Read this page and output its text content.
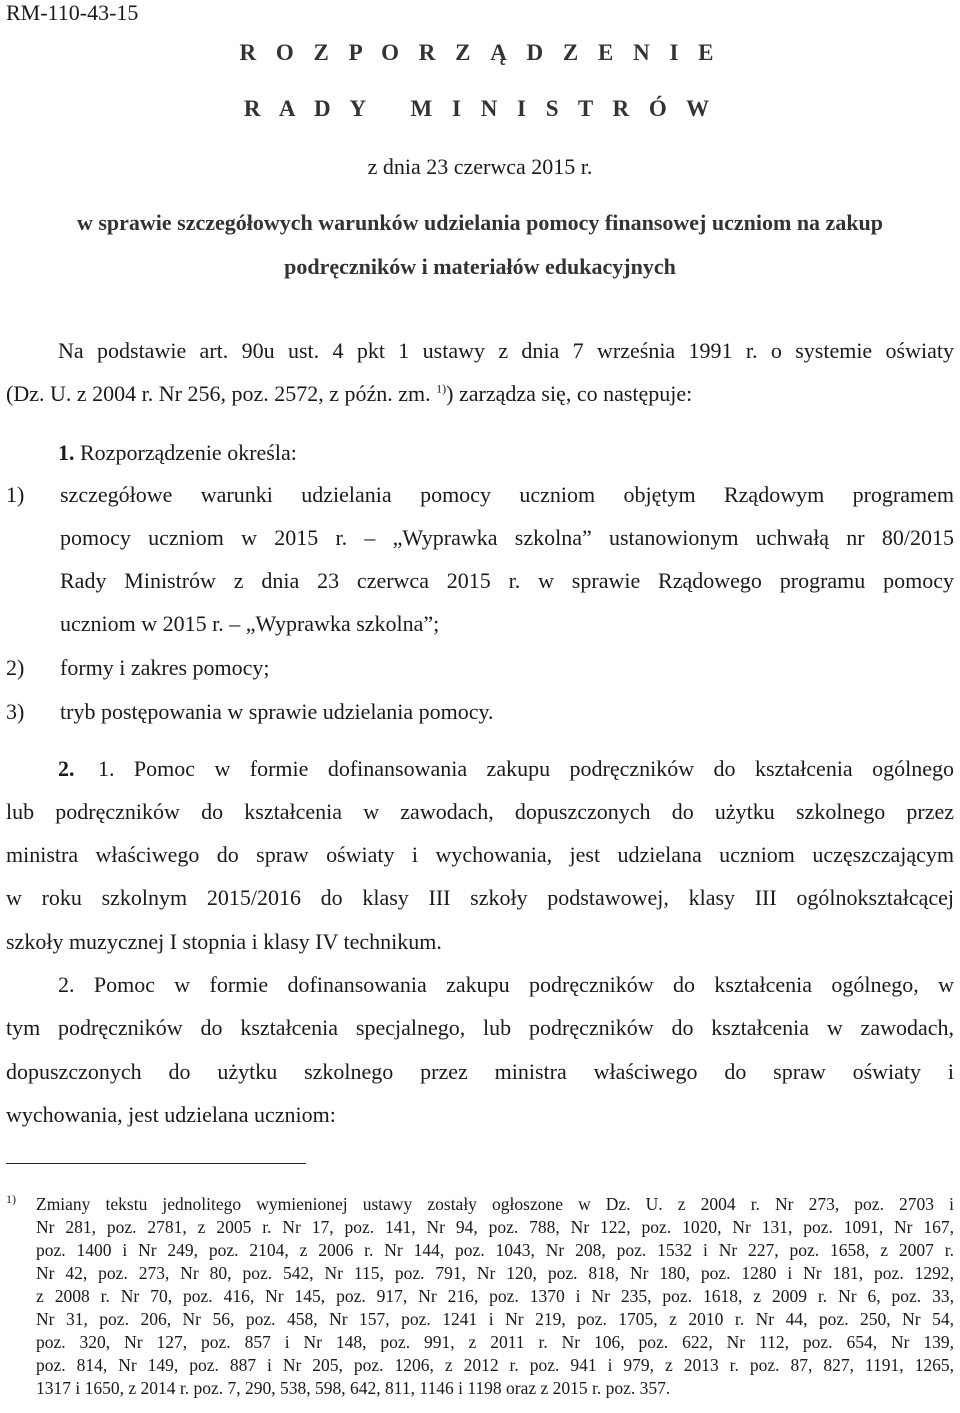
RM-110-43-15
R O Z P O R Z Ą D Z E N I E
R A D Y   M I N I S T R Ó W
z dnia 23 czerwca 2015 r.
w sprawie szczegółowych warunków udzielania pomocy finansowej uczniom na zakup
podręczników i materiałów edukacyjnych
Na podstawie art. 90u ust. 4 pkt 1 ustawy z dnia 7 września 1991 r. o systemie oświaty
(Dz. U. z 2004 r. Nr 256, poz. 2572, z późn. zm. $^{1)}$) zarządza się, co następuje:
1. Rozporządzenie określa:
1) szczegółowe warunki udzielania pomocy uczniom objętym Rządowym programem
pomocy uczniom w 2015 r. – „Wyprawka szkolna” ustanowionym uchwałą nr 80/2015
Rady Ministrów z dnia 23 czerwca 2015 r. w sprawie Rządowego programu pomocy
uczniom w 2015 r. – „Wyprawka szkolna”;
2) formy i zakres pomocy;
3) tryb postępowania w sprawie udzielania pomocy.
2. 1. Pomoc w formie dofinansowania zakupu podręczników do kształcenia ogólnego
lub podręczników do kształcenia w zawodach, dopuszczonych do użytku szkolnego przez
ministra właściwego do spraw oświaty i wychowania, jest udzielana uczniom uczęszczającym
w roku szkolnym 2015/2016 do klasy III szkoły podstawowej, klasy III ogólnokształcącej
szkoły muzycznej I stopnia i klasy IV technikum.
2. Pomoc w formie dofinansowania zakupu podręczników do kształcenia ogólnego, w
tym podręczników do kształcenia specjalnego, lub podręczników do kształcenia w zawodach,
dopuszczonych do użytku szkolnego przez ministra właściwego do spraw oświaty i
wychowania, jest udzielana uczniom:
1) Zmiany tekstu jednolitego wymienionej ustawy zostały ogłoszone w Dz. U. z 2004 r. Nr 273, poz. 2703 i
Nr 281, poz. 2781, z 2005 r. Nr 17, poz. 141, Nr 94, poz. 788, Nr 122, poz. 1020, Nr 131, poz. 1091, Nr 167,
poz. 1400 i Nr 249, poz. 2104, z 2006 r. Nr 144, poz. 1043, Nr 208, poz. 1532 i Nr 227, poz. 1658, z 2007 r.
Nr 42, poz. 273, Nr 80, poz. 542, Nr 115, poz. 791, Nr 120, poz. 818, Nr 180, poz. 1280 i Nr 181, poz. 1292,
z 2008 r. Nr 70, poz. 416, Nr 145, poz. 917, Nr 216, poz. 1370 i Nr 235, poz. 1618, z 2009 r. Nr 6, poz. 33,
Nr 31, poz. 206, Nr 56, poz. 458, Nr 157, poz. 1241 i Nr 219, poz. 1705, z 2010 r. Nr 44, poz. 250, Nr 54,
poz. 320, Nr 127, poz. 857 i Nr 148, poz. 991, z 2011 r. Nr 106, poz. 622, Nr 112, poz. 654, Nr 139,
poz. 814, Nr 149, poz. 887 i Nr 205, poz. 1206, z 2012 r. poz. 941 i 979, z 2013 r. poz. 87, 827, 1191, 1265,
1317 i 1650, z 2014 r. poz. 7, 290, 538, 598, 642, 811, 1146 i 1198 oraz z 2015 r. poz. 357.
